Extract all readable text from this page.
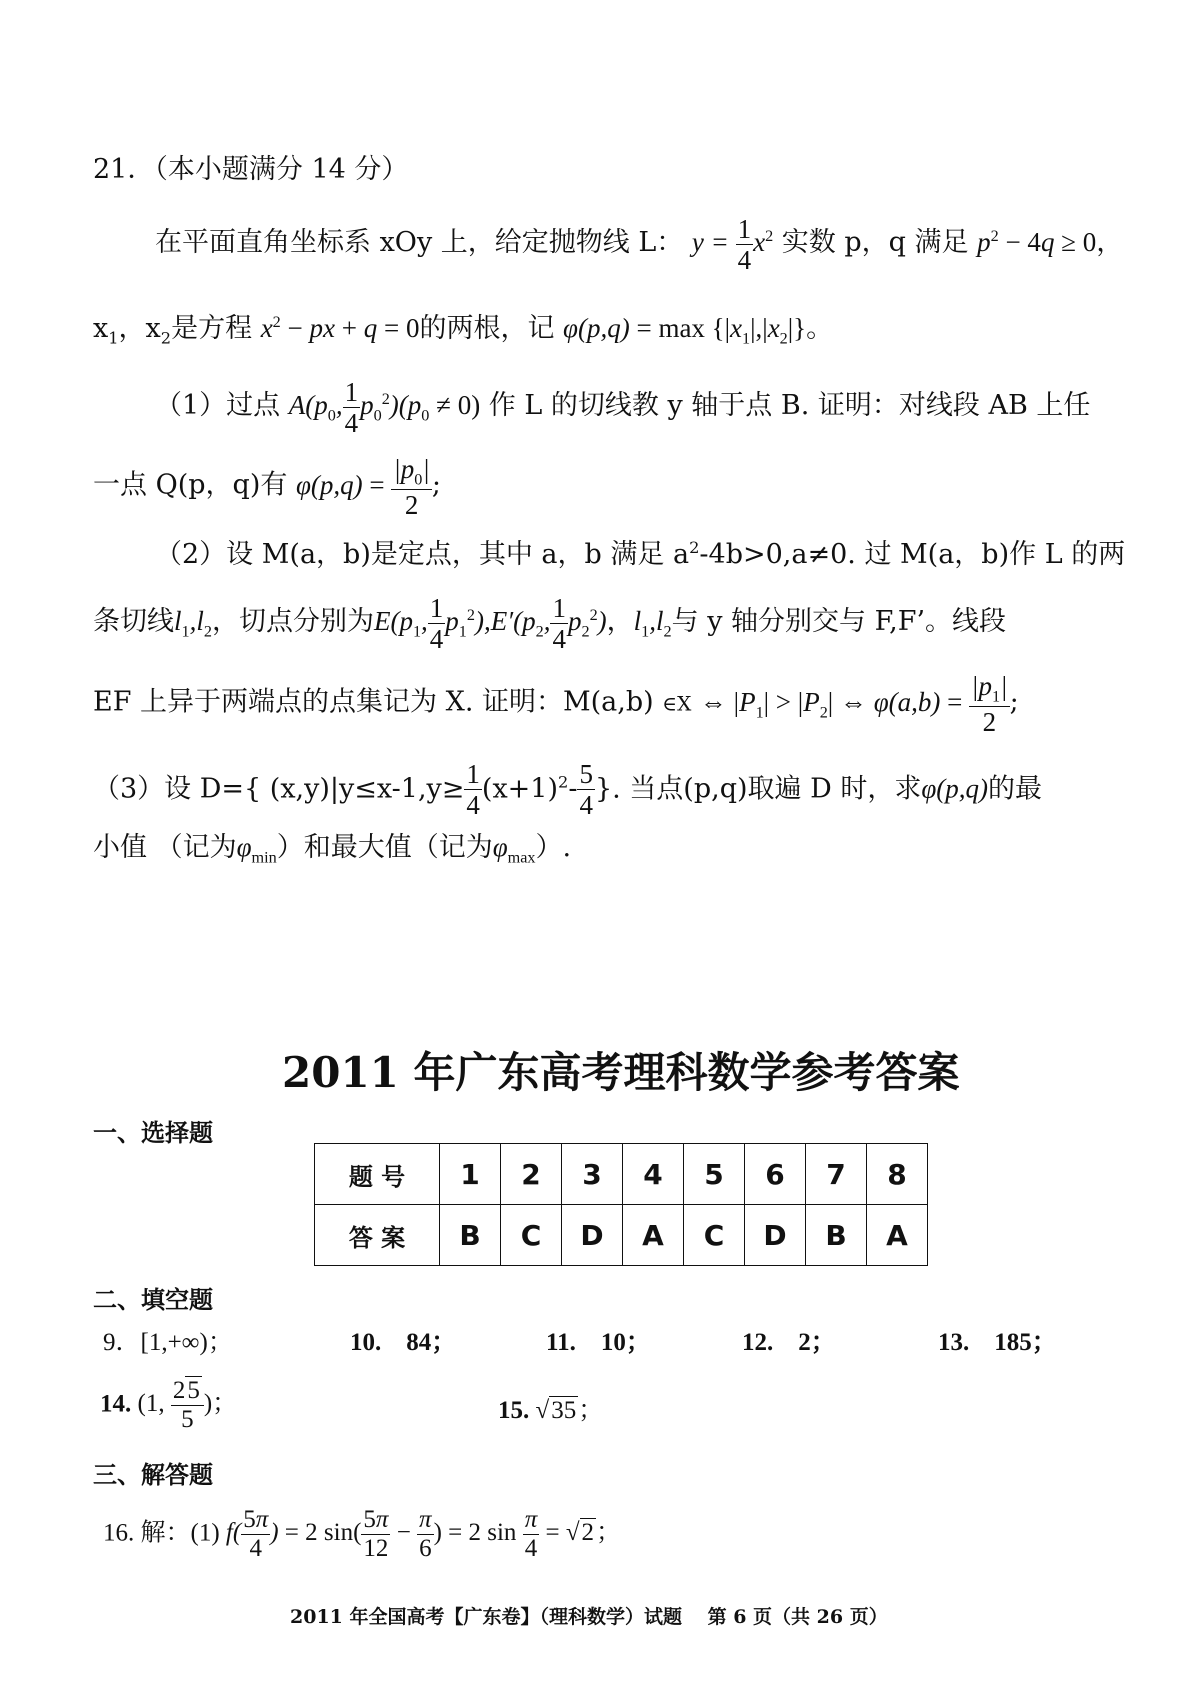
21．（本小题满分 14 分）
在平面直角坐标系 xOy 上，给定抛物线 L： $y = \frac{1}{4} x^2$ 实数 p，q 满足 $p^2 - 4q \ge 0$，
$x_1$，$x_2$是方程 $x^2$ − px + q = 0的两根，记 $\varphi(p,q) = \max \{|x_1|,|x_2|\}$。
（1）过点 $A(p_0$, $\frac{1}{4} p_0^2)(p_0 \ne 0)$ 作 L 的切线教 y 轴于点 B. 证明：对线段 AB 上任
一点 Q(p，q)有 $\varphi(p,q) = \frac{|p_0|}{2}$ ;
（2）设 M(a，b)是定点，其中 a，b 满足 $a^2-4b>0,a\ne 0$. 过 M(a，b)作 L 的两
条切线$l_1,l_2$，切点分别为$E(p_1$, $\frac{1}{4} p_1^2),E'(p_2$, $\frac{1}{4} p_2^2$)，$l_1,l_2$与 y 轴分别交与 F,F’。线段
EF 上异于两端点的点集记为 X. 证明：M(a,b) ∈X ⇔ $|P_1| > |P_2|$ ⇔ $\varphi(a,b) = \frac{|p_1|}{2}$ ;
（3）设 D={ $(x,y)|y\le x-1,y\ge \frac{1}{4} (x+1)^2- \frac{5}{4}$ }. 当点(p,q)取遍 D 时，求φ(p,q)的最
小值 （记为$\varphi_{min}$）和最大值（记为$\varphi_{max}$）.
2011 年广东高考理科数学参考答案
一、选择题
题 号	1	2	3	4	5	6	7	8
答 案	B	C	D	A	C	D	B	A
二、填空题
9．[1,+∞)；	10.　84；	11.　10；	12.　2；	13.　185；
14. (1, $\frac{25}{5}$ )；	15. √35；
三、解答题
16. 解：(1) $f( \frac{5\pi}{4}$ ) = 2 $\sin( \frac{5\pi}{12} - \frac{\pi}{6}$ ) = 2 $\sin \frac{\pi}{4} = √2$；
2011 年全国高考【广东卷】（理科数学）试题　 第 6 页（共 26 页）
